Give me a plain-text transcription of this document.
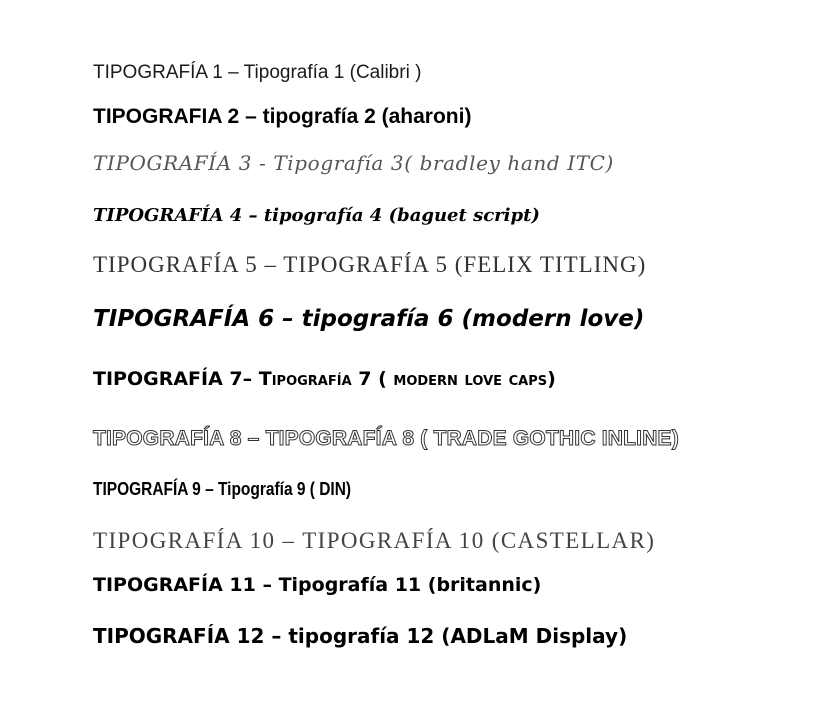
TIPOGRAFÍA 1 – Tipografía 1 (Calibri )
TIPOGRAFIA 2 – tipografía 2 (aharoni)
TIPOGRAFÍA 3 - Tipografía 3( bradley hand ITC)
TIPOGRAFÍA 4 – tipografía 4 (baguet script)
TIPOGRAFÍA 5 – TIPOGRAFÍA 5 (FELIX TITLING)
TIPOGRAFÍA 6 – tipografía 6 (modern love)
TIPOGRAFÍA 7– Tipografía 7 ( modern love caps)
TIPOGRAFÍA 8 – TIPOGRAFÍA 8 ( TRADE GOTHIC INLINE)
TIPOGRAFÍA 9 – Tipografía 9 ( DIN)
TIPOGRAFÍA 10 – TIPOGRAFÍA 10 (CASTELLAR)
TIPOGRAFÍA 11 – Tipografía 11 (britannic)
TIPOGRAFÍA 12 – tipografía 12 (ADLaM Display)
